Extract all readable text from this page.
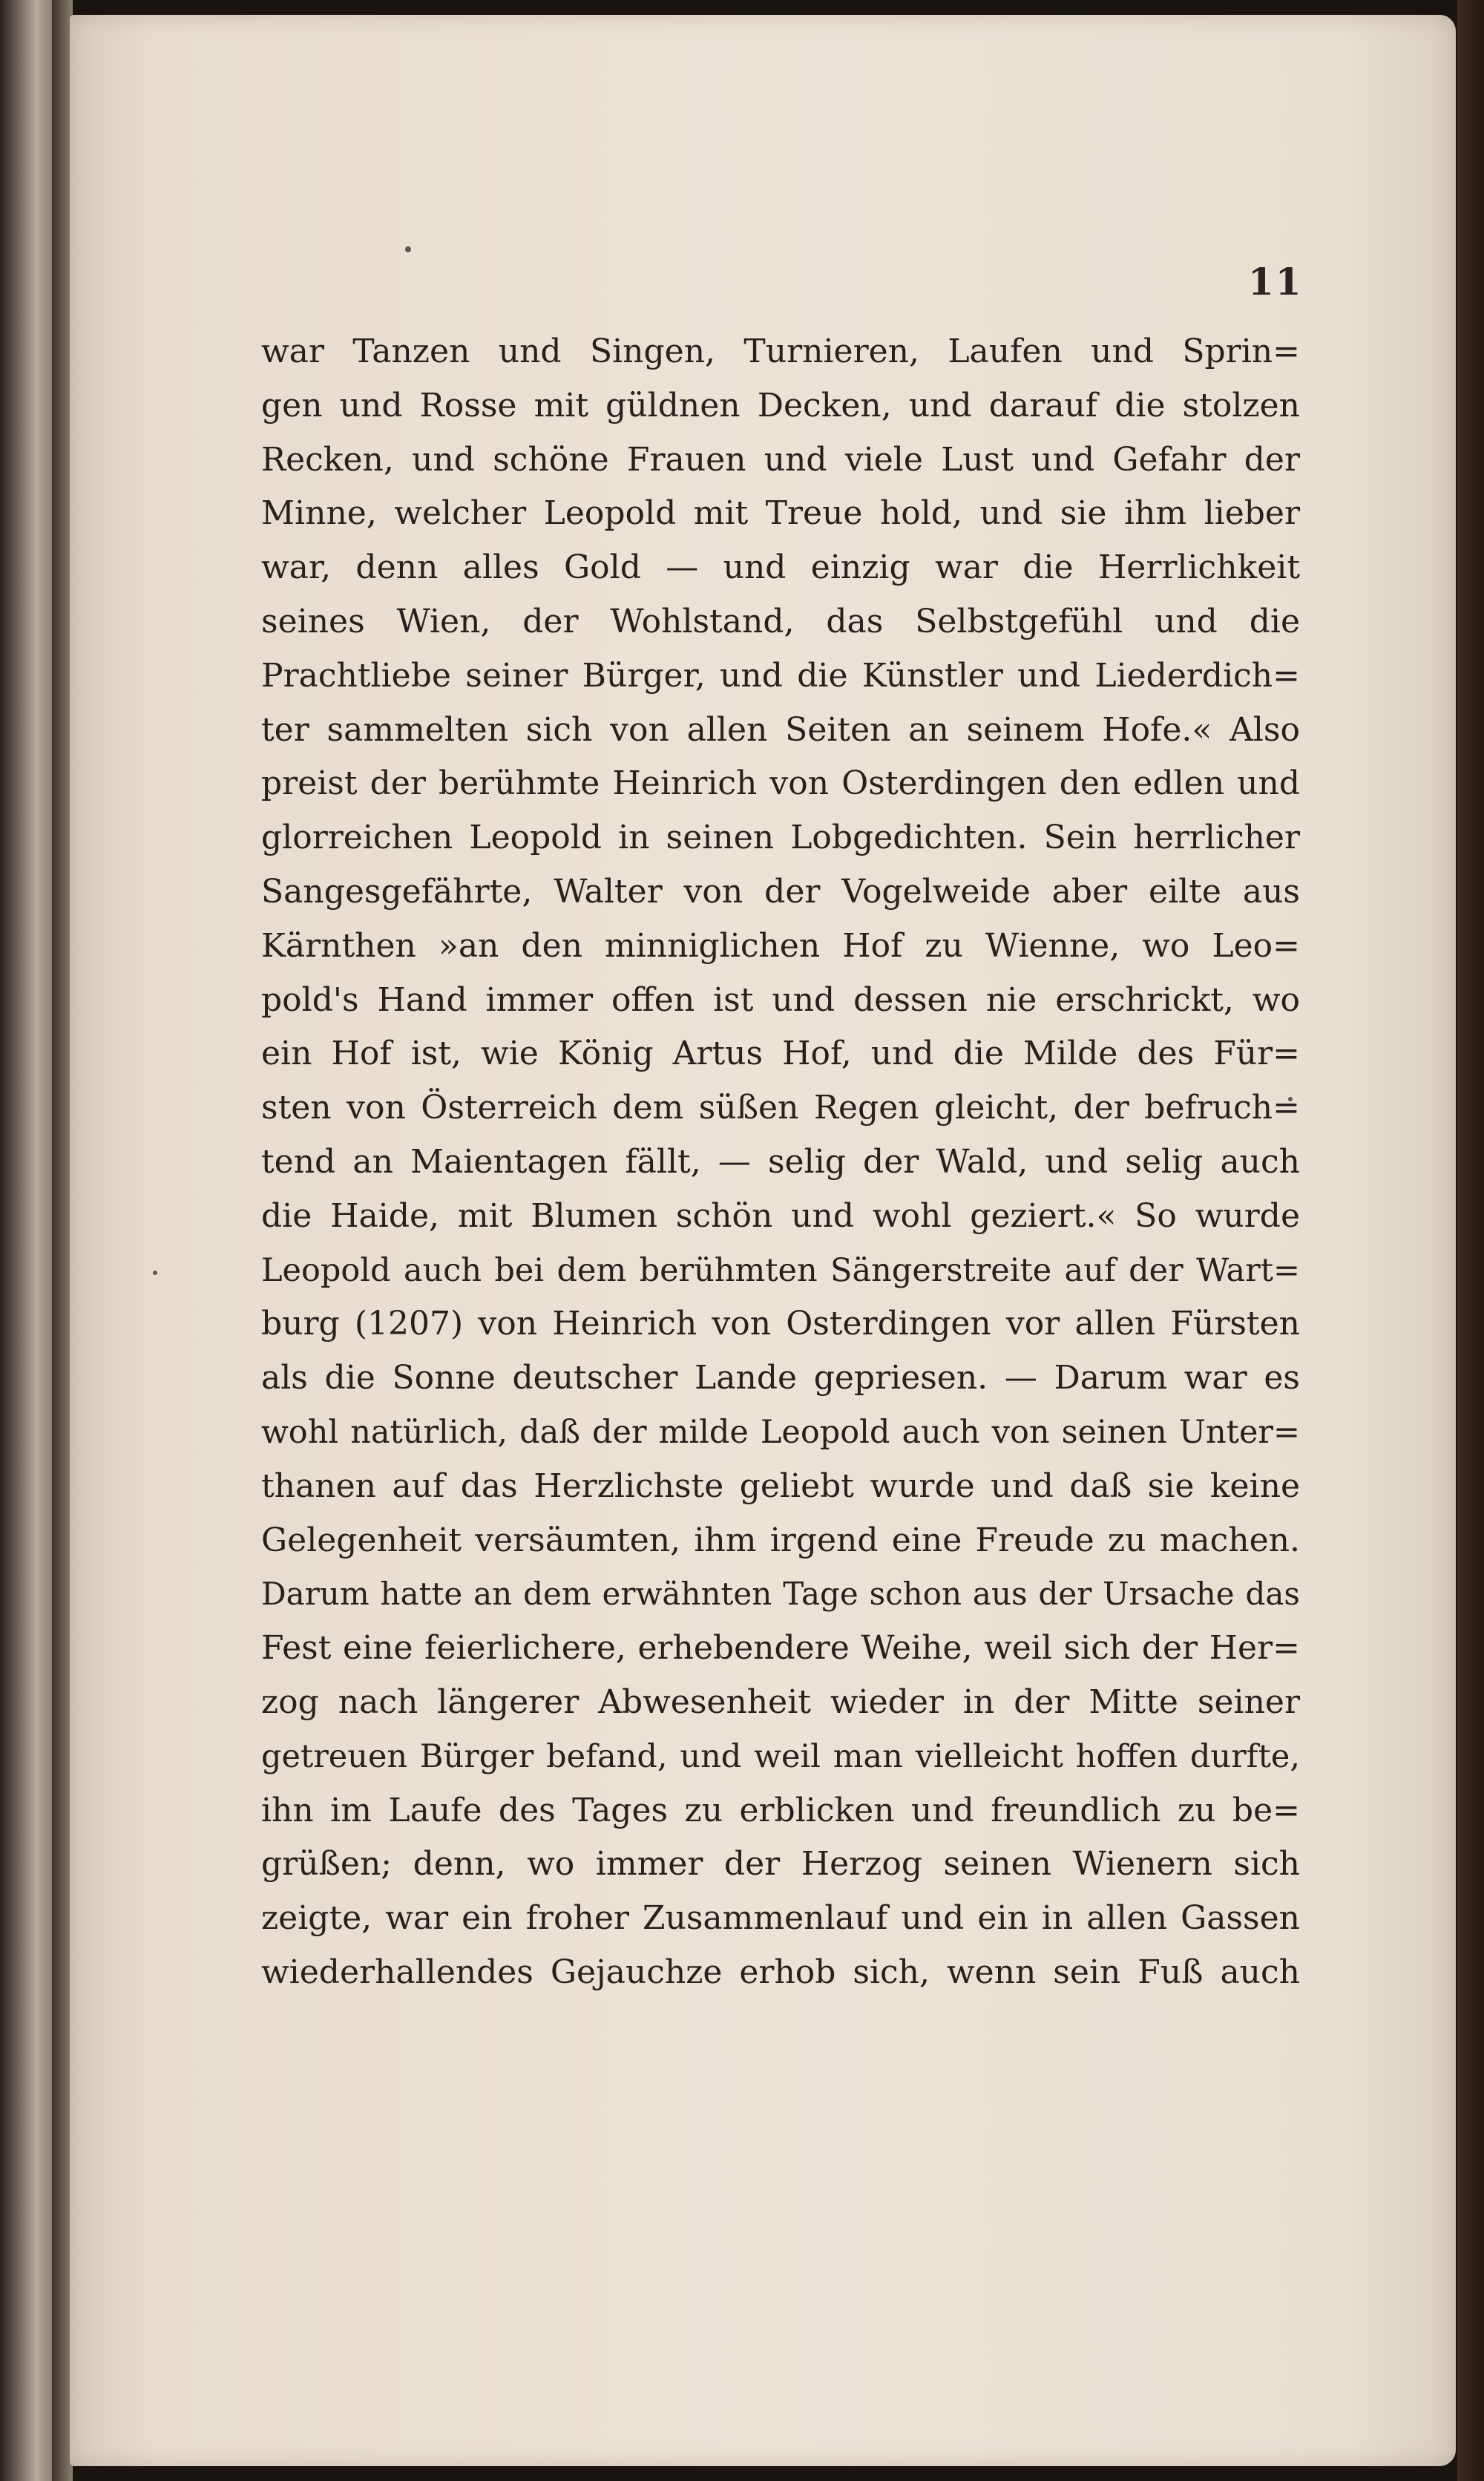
11
war Tanzen und Singen, Turnieren, Laufen und Sprin=
gen und Rosse mit güldnen Decken, und darauf die stolzen
Recken, und schöne Frauen und viele Lust und Gefahr der
Minne, welcher Leopold mit Treue hold, und sie ihm lieber
war, denn alles Gold — und einzig war die Herrlichkeit
seines Wien, der Wohlstand, das Selbstgefühl und die
Prachtliebe seiner Bürger, und die Künstler und Liederdich=
ter sammelten sich von allen Seiten an seinem Hofe.« Also
preist der berühmte Heinrich von Osterdingen den edlen und
glorreichen Leopold in seinen Lobgedichten. Sein herrlicher
Sangesgefährte, Walter von der Vogelweide aber eilte aus
Kärnthen »an den minniglichen Hof zu Wienne, wo Leo=
pold's Hand immer offen ist und dessen nie erschrickt, wo
ein Hof ist, wie König Artus Hof, und die Milde des Für=
sten von Österreich dem süßen Regen gleicht, der befruch=
tend an Maientagen fällt, — selig der Wald, und selig auch
die Haide, mit Blumen schön und wohl geziert.« So wurde
Leopold auch bei dem berühmten Sängerstreite auf der Wart=
burg (1207) von Heinrich von Osterdingen vor allen Fürsten
als die Sonne deutscher Lande gepriesen. — Darum war es
wohl natürlich, daß der milde Leopold auch von seinen Unter=
thanen auf das Herzlichste geliebt wurde und daß sie keine
Gelegenheit versäumten, ihm irgend eine Freude zu machen.
Darum hatte an dem erwähnten Tage schon aus der Ursache das
Fest eine feierlichere, erhebendere Weihe, weil sich der Her=
zog nach längerer Abwesenheit wieder in der Mitte seiner
getreuen Bürger befand, und weil man vielleicht hoffen durfte,
ihn im Laufe des Tages zu erblicken und freundlich zu be=
grüßen; denn, wo immer der Herzog seinen Wienern sich
zeigte, war ein froher Zusammenlauf und ein in allen Gassen
wiederhallendes Gejauchze erhob sich, wenn sein Fuß auch
